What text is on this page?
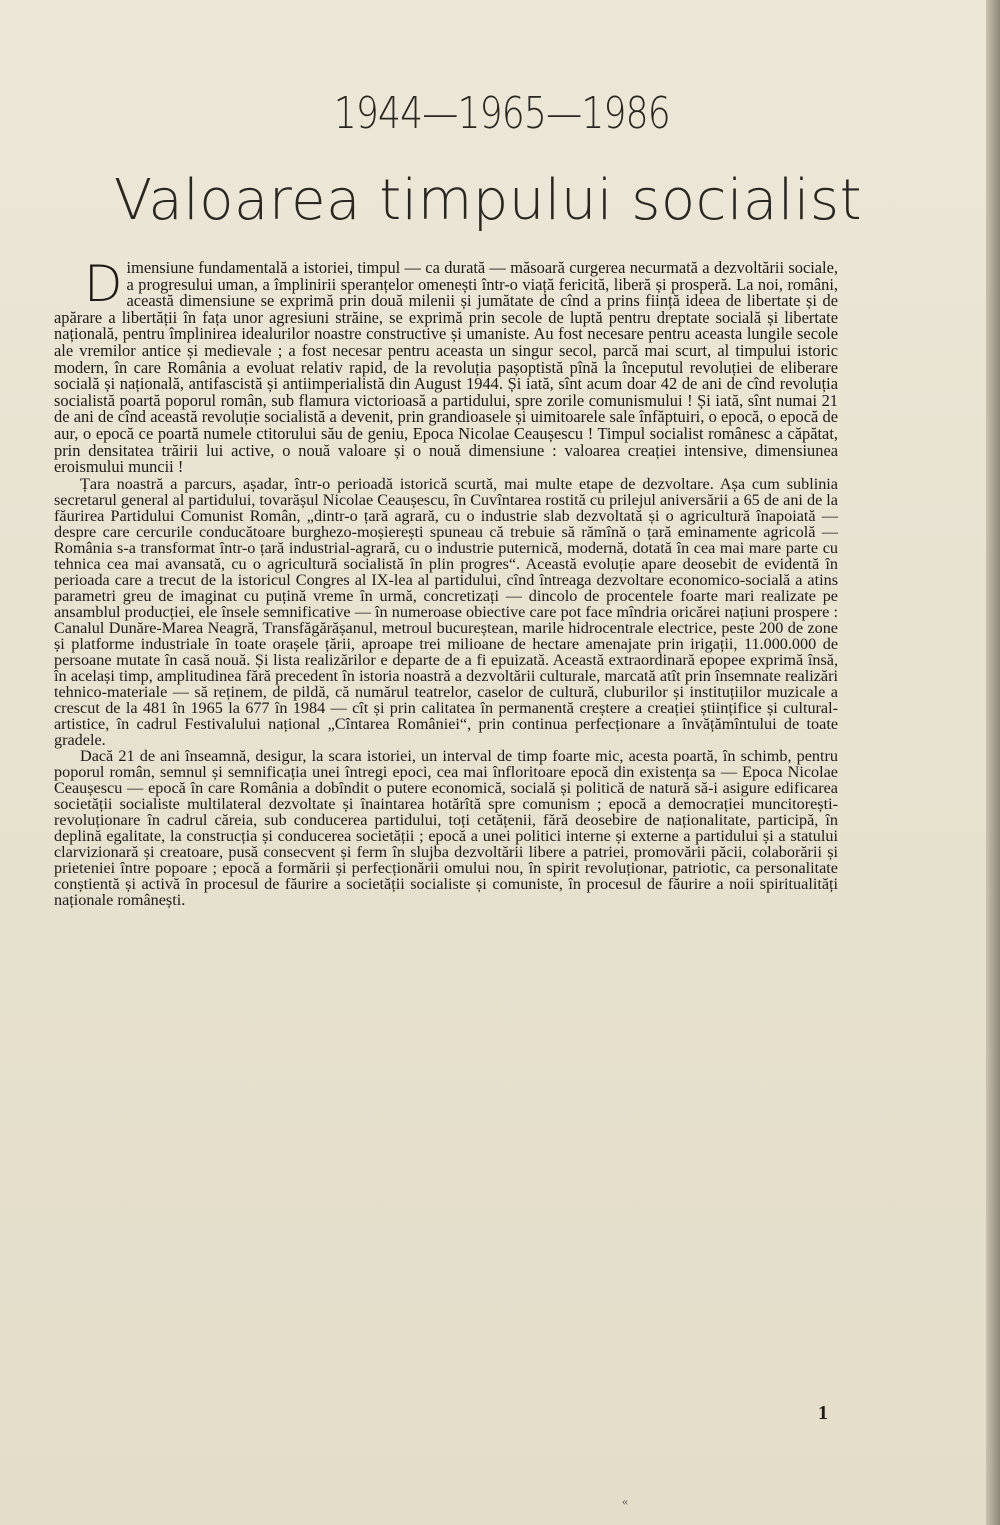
1944—1965—1986
Valoarea timpului socialist

Dimensiune fundamentală a istoriei, timpul — ca durată — măsoară curgerea necurmată a dezvoltării sociale, a progresului uman, a împlinirii speranțelor omenești într-o viață fericită, liberă și prosperă. La noi, români, această dimensiune se exprimă prin două milenii și jumătate de cînd a prins ființă ideea de libertate și de apărare a libertății în fața unor agresiuni străine, se exprimă prin secole de luptă pentru dreptate socială și libertate națională, pentru împlinirea idealurilor noastre constructive și umaniste. Au fost necesare pentru aceasta lungile secole ale vremilor antice și medievale ; a fost necesar pentru aceasta un singur secol, parcă mai scurt, al timpului istoric modern, în care România a evoluat relativ rapid, de la revoluția pașoptistă pînă la începutul revoluției de eliberare socială și națională, antifascistă și antiimperialistă din August 1944. Și iată, sînt acum doar 42 de ani de cînd revoluția socialistă poartă poporul român, sub flamura victorioasă a partidului, spre zorile comunismului ! Și iată, sînt numai 21 de ani de cînd această revoluție socialistă a devenit, prin grandioasele și uimitoarele sale înfăptuiri, o epocă, o epocă de aur, o epocă ce poartă numele ctitorului său de geniu, Epoca Nicolae Ceaușescu ! Timpul socialist românesc a căpătat, prin densitatea trăirii lui active, o nouă valoare și o nouă dimensiune : valoarea creației intensive, dimensiunea eroismului muncii !

Țara noastră a parcurs, așadar, într-o perioadă istorică scurtă, mai multe etape de dezvoltare. Așa cum sublinia secretarul general al partidului, tovarășul Nicolae Ceaușescu, în Cuvîntarea rostită cu prilejul aniversării a 65 de ani de la făurirea Partidului Comunist Român, „dintr-o țară agrară, cu o industrie slab dezvoltată și o agricultură înapoiată — despre care cercurile conducătoare burghezo-moșierești spuneau că trebuie să rămînă o țară eminamente agricolă — România s-a transformat într-o țară industrial-agrară, cu o industrie puternică, modernă, dotată în cea mai mare parte cu tehnica cea mai avansată, cu o agricultură socialistă în plin progres“. Această evoluție apare deosebit de evidentă în perioada care a trecut de la istoricul Congres al IX-lea al partidului, cînd întreaga dezvoltare economico-socială a atins parametri greu de imaginat cu puțină vreme în urmă, concretizați — dincolo de procentele foarte mari realizate pe ansamblul producției, ele însele semnificative — în numeroase obiective care pot face mîndria oricărei națiuni prospere : Canalul Dunăre-Marea Neagră, Transfăgărășanul, metroul bucureștean, marile hidrocentrale electrice, peste 200 de zone și platforme industriale în toate orașele țării, aproape trei milioane de hectare amenajate prin irigații, 11.000.000 de persoane mutate în casă nouă. Și lista realizărilor e departe de a fi epuizată. Această extraordinară epopee exprimă însă, în același timp, amplitudinea fără precedent în istoria noastră a dezvoltării culturale, marcată atît prin însemnate realizări tehnico-materiale — să reținem, de pildă, că numărul teatrelor, caselor de cultură, cluburilor și instituțiilor muzicale a crescut de la 481 în 1965 la 677 în 1984 — cît și prin calitatea în permanentă creștere a creației științifice și cultural-artistice, în cadrul Festivalului național „Cîntarea României“, prin continua perfecționare a învățămîntului de toate gradele.

Dacă 21 de ani înseamnă, desigur, la scara istoriei, un interval de timp foarte mic, acesta poartă, în schimb, pentru poporul român, semnul și semnificația unei întregi epoci, cea mai înfloritoare epocă din existența sa — Epoca Nicolae Ceaușescu — epocă în care România a dobîndit o putere economică, socială și politică de natură să-i asigure edificarea societății socialiste multilateral dezvoltate și înaintarea hotărîtă spre comunism ; epocă a democrației muncitorești-revoluționare în cadrul căreia, sub conducerea partidului, toți cetățenii, fără deosebire de naționalitate, participă, în deplină egalitate, la construcția și conducerea societății ; epocă a unei politici interne și externe a partidului și a statului clarvizionară și creatoare, pusă consecvent și ferm în slujba dezvoltării libere a patriei, promovării păcii, colaborării și prieteniei între popoare ; epocă a formării și perfecționării omului nou, în spirit revoluționar, patriotic, ca personalitate conștientă și activă în procesul de făurire a societății socialiste și comuniste, în procesul de făurire a noii spiritualități naționale românești.

1
«
